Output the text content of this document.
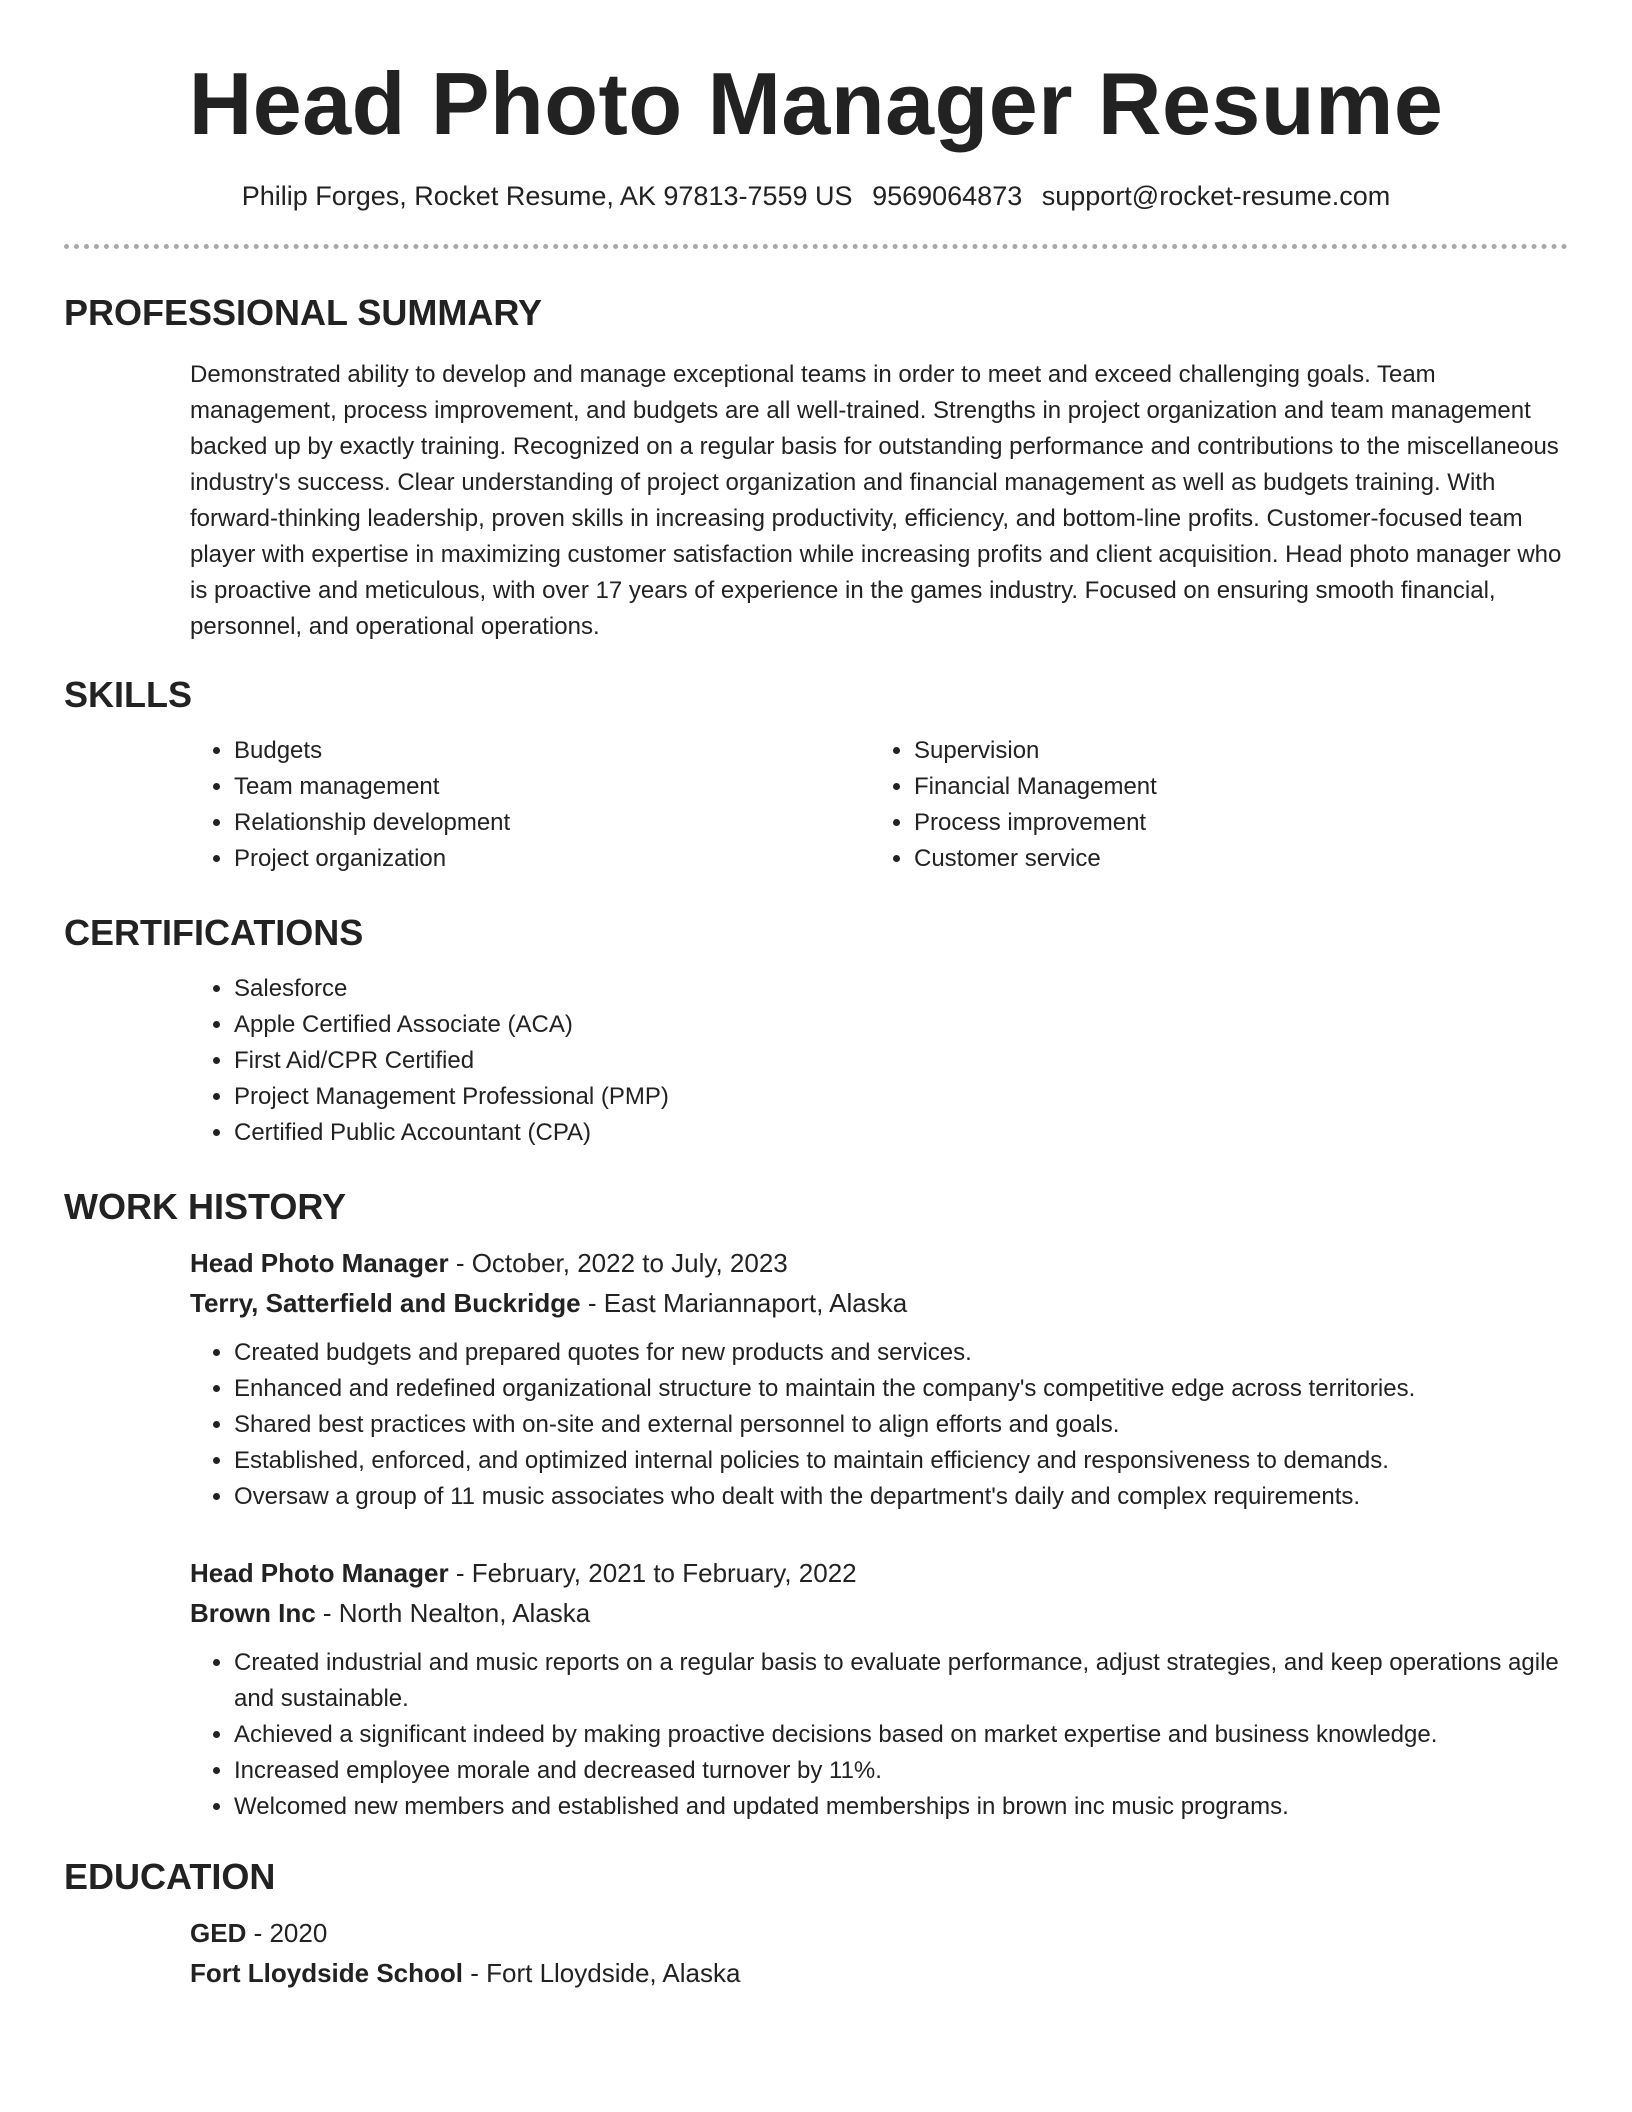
Head Photo Manager Resume
Philip Forges, Rocket Resume, AK 97813-7559 US 9569064873 support@rocket-resume.com
PROFESSIONAL SUMMARY
Demonstrated ability to develop and manage exceptional teams in order to meet and exceed challenging goals. Team management, process improvement, and budgets are all well-trained. Strengths in project organization and team management backed up by exactly training. Recognized on a regular basis for outstanding performance and contributions to the miscellaneous industry's success. Clear understanding of project organization and financial management as well as budgets training. With forward-thinking leadership, proven skills in increasing productivity, efficiency, and bottom-line profits. Customer-focused team player with expertise in maximizing customer satisfaction while increasing profits and client acquisition. Head photo manager who is proactive and meticulous, with over 17 years of experience in the games industry. Focused on ensuring smooth financial, personnel, and operational operations.
SKILLS
• Budgets
• Team management
• Relationship development
• Project organization
• Supervision
• Financial Management
• Process improvement
• Customer service
CERTIFICATIONS
• Salesforce
• Apple Certified Associate (ACA)
• First Aid/CPR Certified
• Project Management Professional (PMP)
• Certified Public Accountant (CPA)
WORK HISTORY
Head Photo Manager - October, 2022 to July, 2023
Terry, Satterfield and Buckridge - East Mariannaport, Alaska
• Created budgets and prepared quotes for new products and services.
• Enhanced and redefined organizational structure to maintain the company's competitive edge across territories.
• Shared best practices with on-site and external personnel to align efforts and goals.
• Established, enforced, and optimized internal policies to maintain efficiency and responsiveness to demands.
• Oversaw a group of 11 music associates who dealt with the department's daily and complex requirements.
Head Photo Manager - February, 2021 to February, 2022
Brown Inc - North Nealton, Alaska
• Created industrial and music reports on a regular basis to evaluate performance, adjust strategies, and keep operations agile and sustainable.
• Achieved a significant indeed by making proactive decisions based on market expertise and business knowledge.
• Increased employee morale and decreased turnover by 11%.
• Welcomed new members and established and updated memberships in brown inc music programs.
EDUCATION
GED - 2020
Fort Lloydside School - Fort Lloydside, Alaska
